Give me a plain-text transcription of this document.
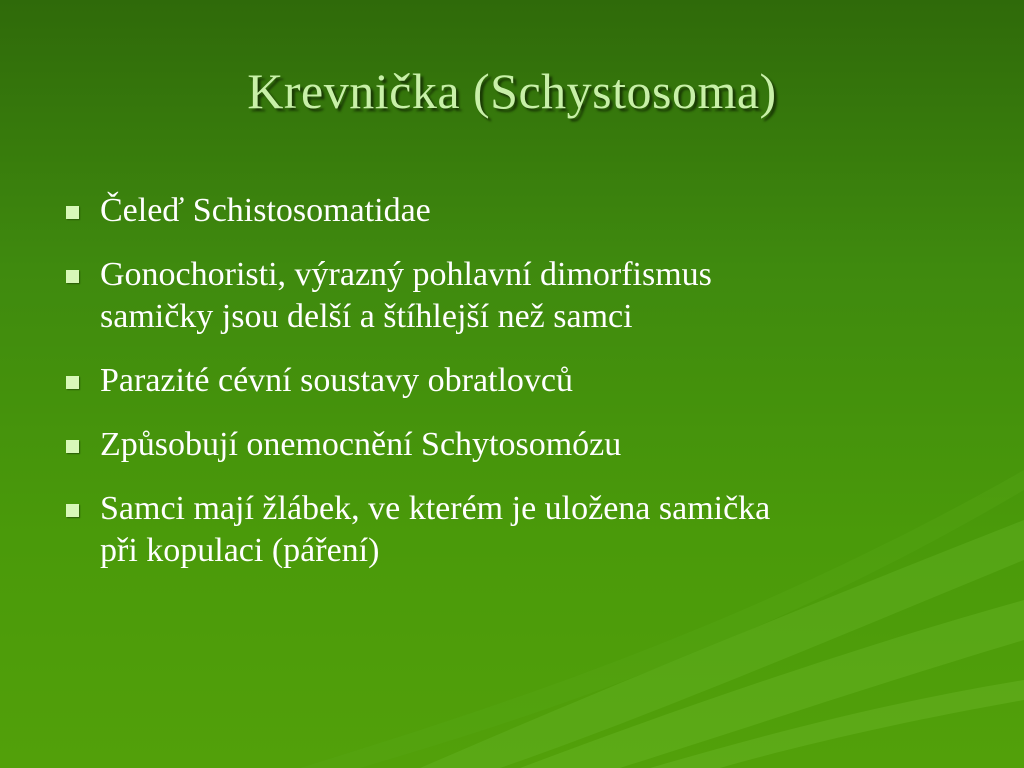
Krevnička (Schystosoma)
Čeleď Schistosomatidae
Gonochoristi, výrazný pohlavní dimorfismus
samičky jsou delší a štíhlejší než samci
Parazité cévní soustavy obratlovců
Způsobují onemocnění Schytosomózu
Samci mají žlábek, ve kterém je uložena samička
při kopulaci (páření)
